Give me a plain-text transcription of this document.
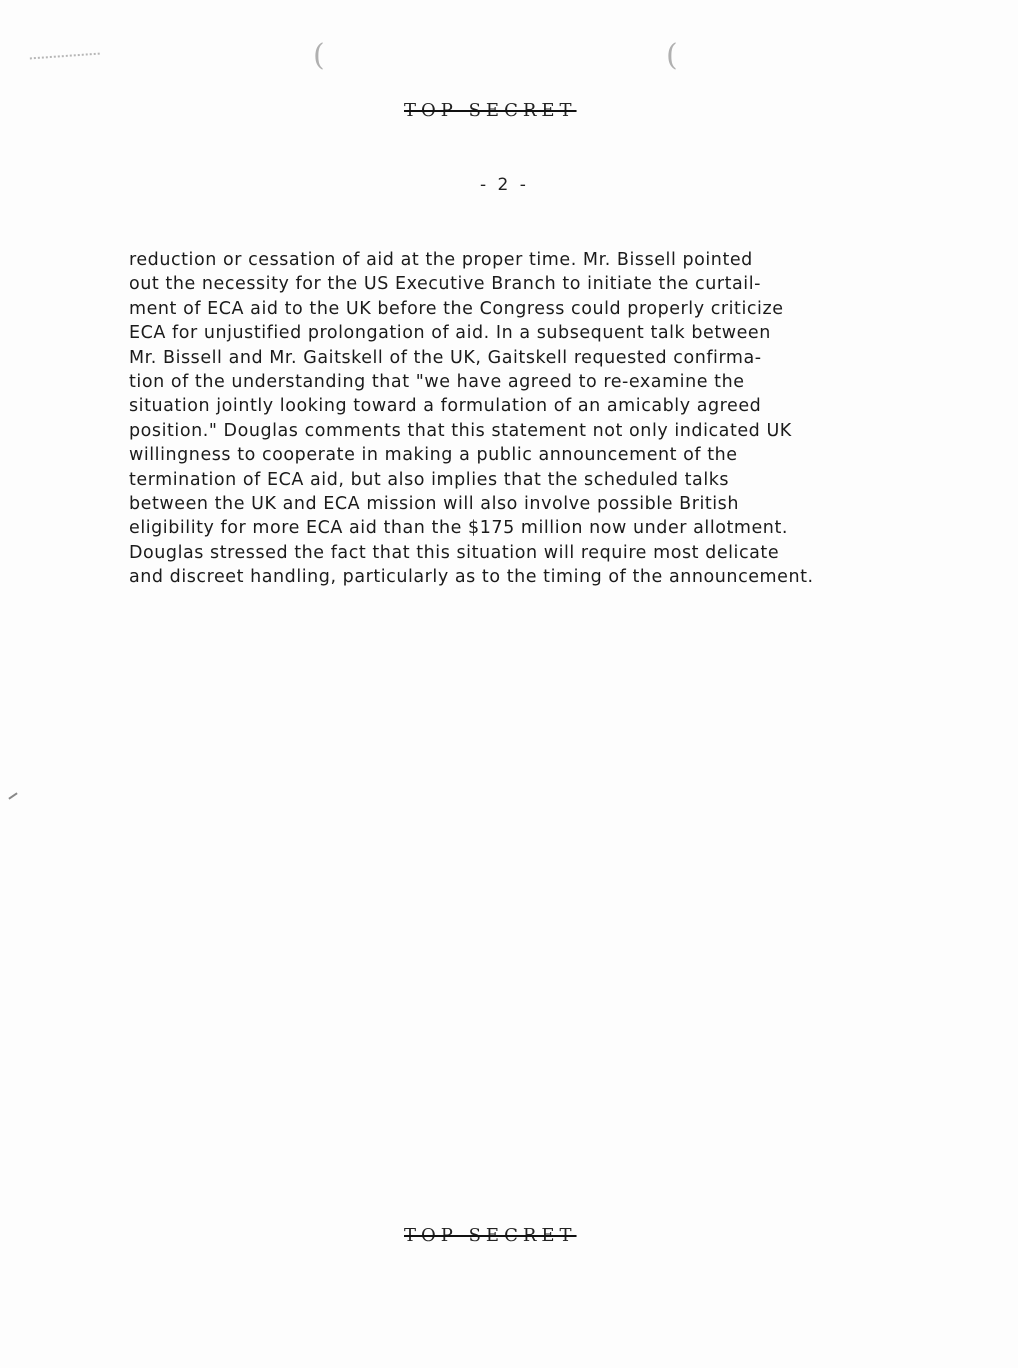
(	(
TOP SECRET
- 2 -
reduction or cessation of aid at the proper time. Mr. Bissell pointed
out the necessity for the US Executive Branch to initiate the curtail-
ment of ECA aid to the UK before the Congress could properly criticize
ECA for unjustified prolongation of aid. In a subsequent talk between
Mr. Bissell and Mr. Gaitskell of the UK, Gaitskell requested confirma-
tion of the understanding that "we have agreed to re-examine the
situation jointly looking toward a formulation of an amicably agreed
position." Douglas comments that this statement not only indicated UK
willingness to cooperate in making a public announcement of the
termination of ECA aid, but also implies that the scheduled talks
between the UK and ECA mission will also involve possible British
eligibility for more ECA aid than the $175 million now under allotment.
Douglas stressed the fact that this situation will require most delicate
and discreet handling, particularly as to the timing of the announcement.
TOP SECRET
